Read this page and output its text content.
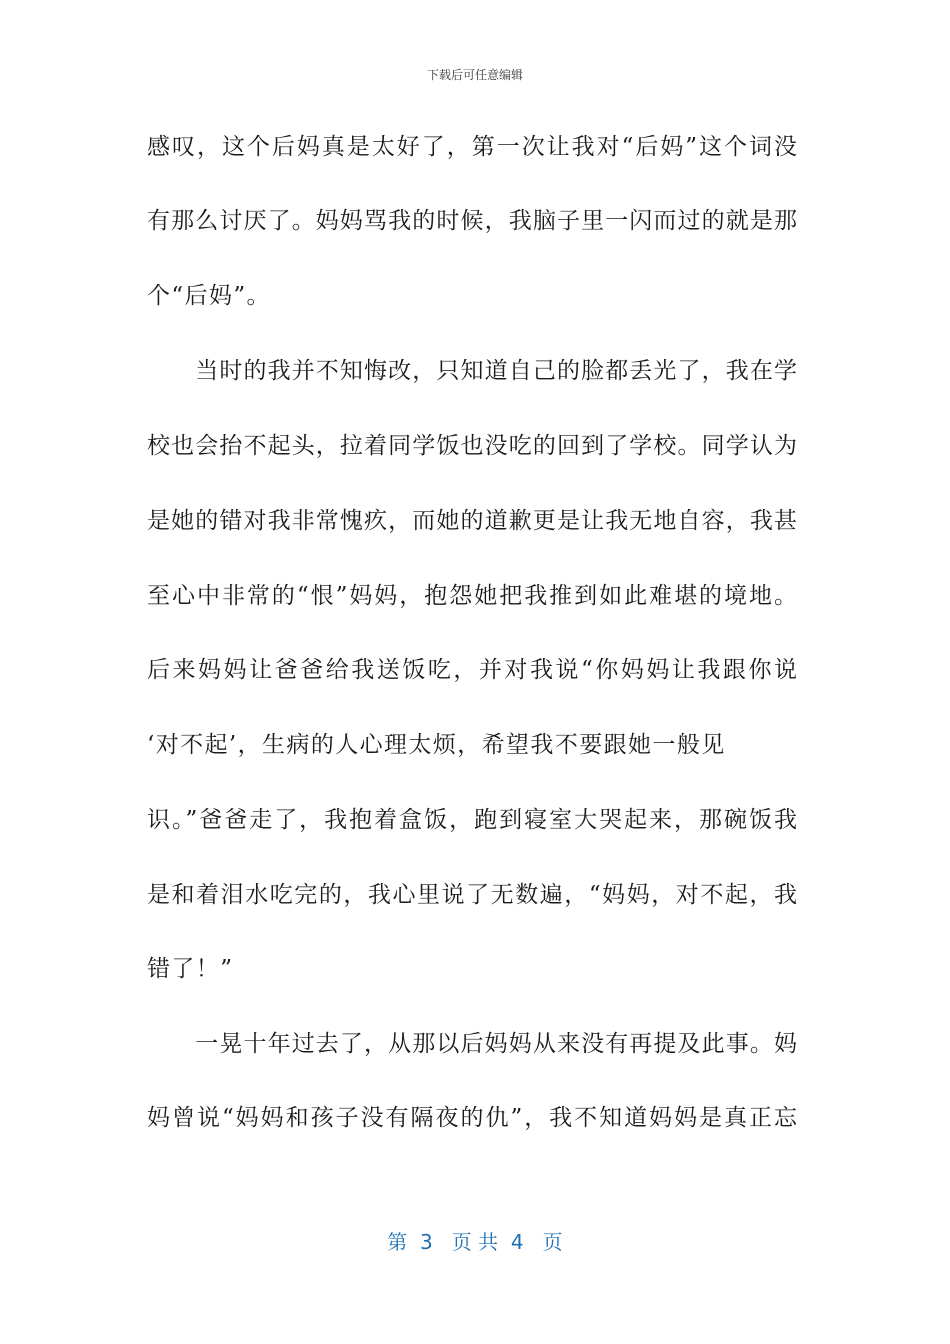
下载后可任意编辑
感叹，这个后妈真是太好了，第一次让我对“后妈”这个词没
有那么讨厌了。妈妈骂我的时候，我脑子里一闪而过的就是那
个“后妈”。
　　当时的我并不知悔改，只知道自己的脸都丢光了，我在学
校也会抬不起头，拉着同学饭也没吃的回到了学校。同学认为
是她的错对我非常愧疚，而她的道歉更是让我无地自容，我甚
至心中非常的“恨”妈妈，抱怨她把我推到如此难堪的境地。
后来妈妈让爸爸给我送饭吃，并对我说“你妈妈让我跟你说
‘对不起’，生病的人心理太烦，希望我不要跟她一般见
识。”爸爸走了，我抱着盒饭，跑到寝室大哭起来，那碗饭我
是和着泪水吃完的，我心里说了无数遍，“妈妈，对不起，我
错了！”
　　一晃十年过去了，从那以后妈妈从来没有再提及此事。妈
妈曾说“妈妈和孩子没有隔夜的仇”，我不知道妈妈是真正忘
第  3   页 共  4   页
